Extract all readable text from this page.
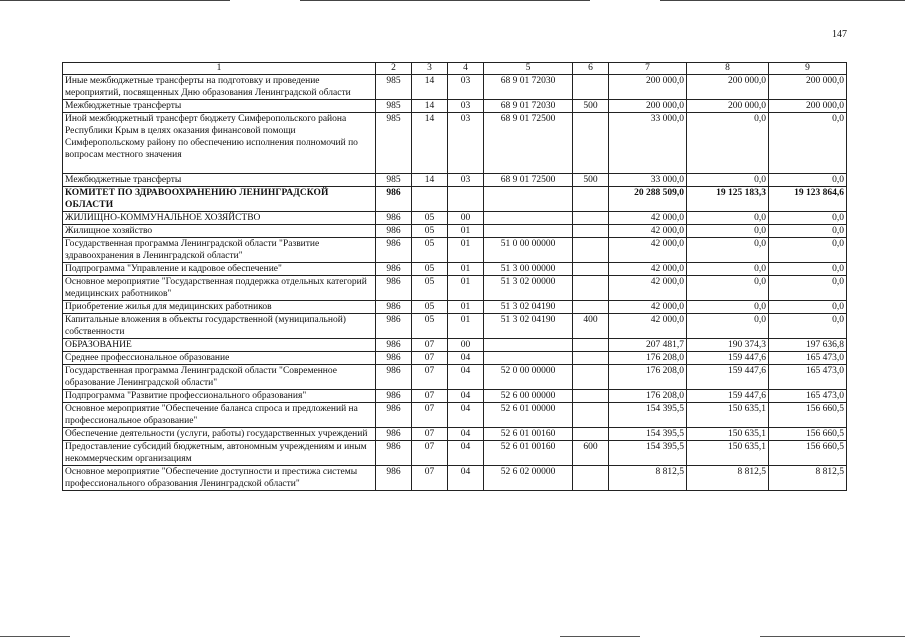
147
1	2	3	4	5	6	7	8	9
Иные межбюджетные трансферты на подготовку и проведение мероприятий, посвященных Дню образования Ленинградской области	985	14	03	68 9 01 72030		200 000,0	200 000,0	200 000,0
Межбюджетные трансферты	985	14	03	68 9 01 72030	500	200 000,0	200 000,0	200 000,0
Иной межбюджетный трансферт бюджету Симферопольского района Республики Крым в целях оказания финансовой помощи Симферопольскому району по обеспечению исполнения полномочий по вопросам местного значения	985	14	03	68 9 01 72500		33 000,0	0,0	0,0
Межбюджетные трансферты	985	14	03	68 9 01 72500	500	33 000,0	0,0	0,0
КОМИТЕТ ПО ЗДРАВООХРАНЕНИЮ ЛЕНИНГРАДСКОЙ ОБЛАСТИ	986					20 288 509,0	19 125 183,3	19 123 864,6
ЖИЛИЩНО-КОММУНАЛЬНОЕ ХОЗЯЙСТВО	986	05	00			42 000,0	0,0	0,0
Жилищное хозяйство	986	05	01			42 000,0	0,0	0,0
Государственная программа Ленинградской области "Развитие здравоохранения в Ленинградской области"	986	05	01	51 0 00 00000		42 000,0	0,0	0,0
Подпрограмма "Управление и кадровое обеспечение"	986	05	01	51 3 00 00000		42 000,0	0,0	0,0
Основное мероприятие "Государственная поддержка отдельных категорий медицинских работников"	986	05	01	51 3 02 00000		42 000,0	0,0	0,0
Приобретение жилья для медицинских работников	986	05	01	51 3 02 04190		42 000,0	0,0	0,0
Капитальные вложения в объекты государственной (муниципальной) собственности	986	05	01	51 3 02 04190	400	42 000,0	0,0	0,0
ОБРАЗОВАНИЕ	986	07	00			207 481,7	190 374,3	197 636,8
Среднее профессиональное образование	986	07	04			176 208,0	159 447,6	165 473,0
Государственная программа Ленинградской области "Современное образование Ленинградской области"	986	07	04	52 0 00 00000		176 208,0	159 447,6	165 473,0
Подпрограмма "Развитие профессионального образования"	986	07	04	52 6 00 00000		176 208,0	159 447,6	165 473,0
Основное мероприятие "Обеспечение баланса спроса и предложений на профессиональное образование"	986	07	04	52 6 01 00000		154 395,5	150 635,1	156 660,5
Обеспечение деятельности (услуги, работы) государственных учреждений	986	07	04	52 6 01 00160		154 395,5	150 635,1	156 660,5
Предоставление субсидий бюджетным, автономным учреждениям и иным некоммерческим организациям	986	07	04	52 6 01 00160	600	154 395,5	150 635,1	156 660,5
Основное мероприятие "Обеспечение доступности и престижа системы профессионального образования Ленинградской области"	986	07	04	52 6 02 00000		8 812,5	8 812,5	8 812,5
